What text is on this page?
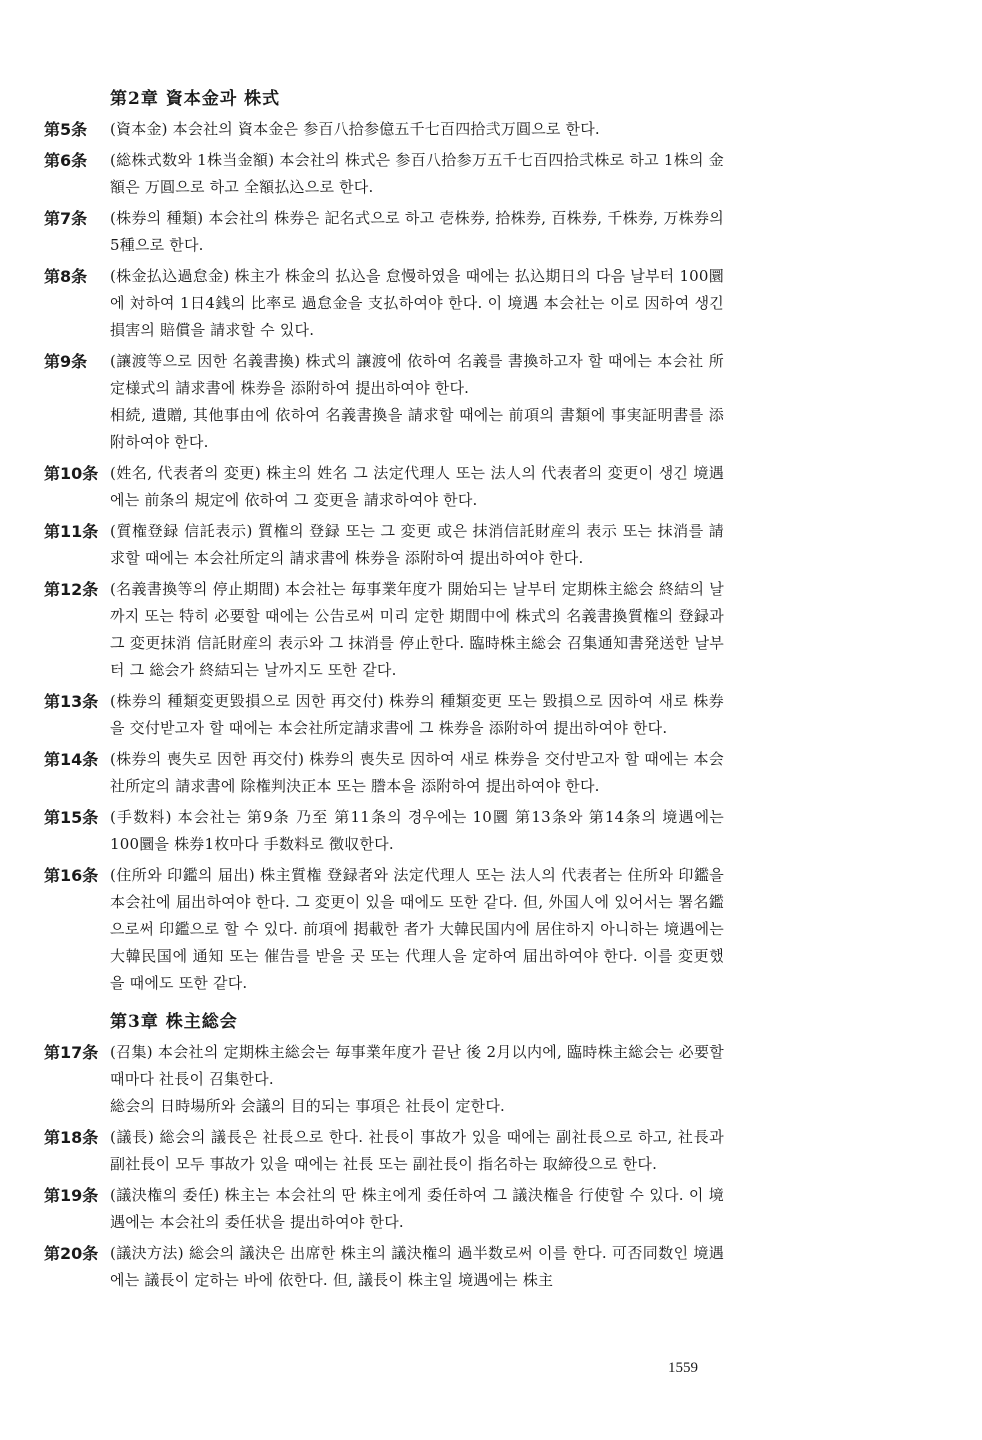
第2章 資本金과 株式
第5条	(資本金) 本会社의 資本金은 参百八拾参億五千七百四拾弐万圓으로 한다.

第6条	(総株式数와 1株当金額) 本会社의 株式은 参百八拾参万五千七百四拾弐株로 하고 1株의 金額은 万圓으로 하고 全額払込으로 한다.

第7条	(株券의 種類) 本会社의 株券은 記名式으로 하고 壱株券, 拾株券, 百株券, 千株券, 万株券의 5種으로 한다.

第8条	(株金払込過怠金) 株主가 株金의 払込을 怠慢하였을 때에는 払込期日의 다음 날부터 100圜에 対하여 1日4銭의 比率로 過怠金을 支払하여야 한다. 이 境遇 本会社는 이로 因하여 생긴 損害의 賠償을 請求할 수 있다.

第9条	(讓渡等으로 因한 名義書換) 株式의 讓渡에 依하여 名義를 書換하고자 할 때에는 本会社 所定様式의 請求書에 株券을 添附하여 提出하여야 한다.

相続, 遺贈, 其他事由에 依하여 名義書換을 請求할 때에는 前項의 書類에 事実証明書를 添附하여야 한다.

第10条 (姓名, 代表者의 変更) 株主의 姓名 그 法定代理人 또는 法人의 代表者의 変更이 생긴 境遇에는 前条의 規定에 依하여 그 変更을 請求하여야 한다.

第11条 (質権登録 信託表示) 質権의 登録 또는 그 変更 或은 抹消信託財産의 表示 또는 抹消를 請求할 때에는 本会社所定의 請求書에 株券을 添附하여 提出하여야 한다.

第12条 (名義書換等의 停止期間) 本会社는 毎事業年度가 開始되는 날부터 定期株主総会 終結의 날까지 또는 特히 必要할 때에는 公告로써 미리 定한 期間中에 株式의 名義書換質権의 登録과 그 変更抹消 信託財産의 表示와 그 抹消를 停止한다. 臨時株主総会 召集通知書発送한 날부터 그 総会가 終結되는 날까지도 또한 같다.

第13条 (株券의 種類変更毀損으로 因한 再交付) 株券의 種類変更 또는 毀損으로 因하여 새로 株券을 交付받고자 할 때에는 本会社所定請求書에 그 株券을 添附하여 提出하여야 한다.

第14条 (株券의 喪失로 因한 再交付) 株券의 喪失로 因하여 새로 株券을 交付받고자 할 때에는 本会社所定의 請求書에 除権判決正本 또는 謄本을 添附하여 提出하여야 한다.

第15条 (手数料) 本会社는 第9条 乃至 第11条의 경우에는 10圜 第13条와 第14条의 境遇에는 100圜을 株券1枚마다 手数料로 徴収한다.

第16条 (住所와 印鑑의 届出) 株主質権 登録者와 法定代理人 또는 法人의 代表者는 住所와 印鑑을 本会社에 届出하여야 한다. 그 変更이 있을 때에도 또한 같다. 但, 外国人에 있어서는 署名鑑으로써 印鑑으로 할 수 있다. 前項에 掲載한 者가 大韓民国内에 居住하지 아니하는 境遇에는 大韓民国에 通知 또는 催告를 받을 곳 또는 代理人을 定하여 届出하여야 한다. 이를 変更했을 때에도 또한 같다.

第3章 株主総会
第17条 (召集) 本会社의 定期株主総会는 毎事業年度가 끝난 後 2月以内에, 臨時株主総会는 必要할 때마다 社長이 召集한다.

総会의 日時場所와 会議의 目的되는 事項은 社長이 定한다.

第18条 (議長) 総会의 議長은 社長으로 한다. 社長이 事故가 있을 때에는 副社長으로 하고, 社長과 副社長이 모두 事故가 있을 때에는 社長 또는 副社長이 指名하는 取締役으로 한다.

第19条 (議決権의 委任) 株主는 本会社의 딴 株主에게 委任하여 그 議決権을 行使할 수 있다. 이 境遇에는 本会社의 委任状을 提出하여야 한다.

第20条 (議決方法) 総会의 議決은 出席한 株主의 議決権의 過半数로써 이를 한다. 可否同数인 境遇에는 議長이 定하는 바에 依한다. 但, 議長이 株主일 境遇에는 株主

1559
